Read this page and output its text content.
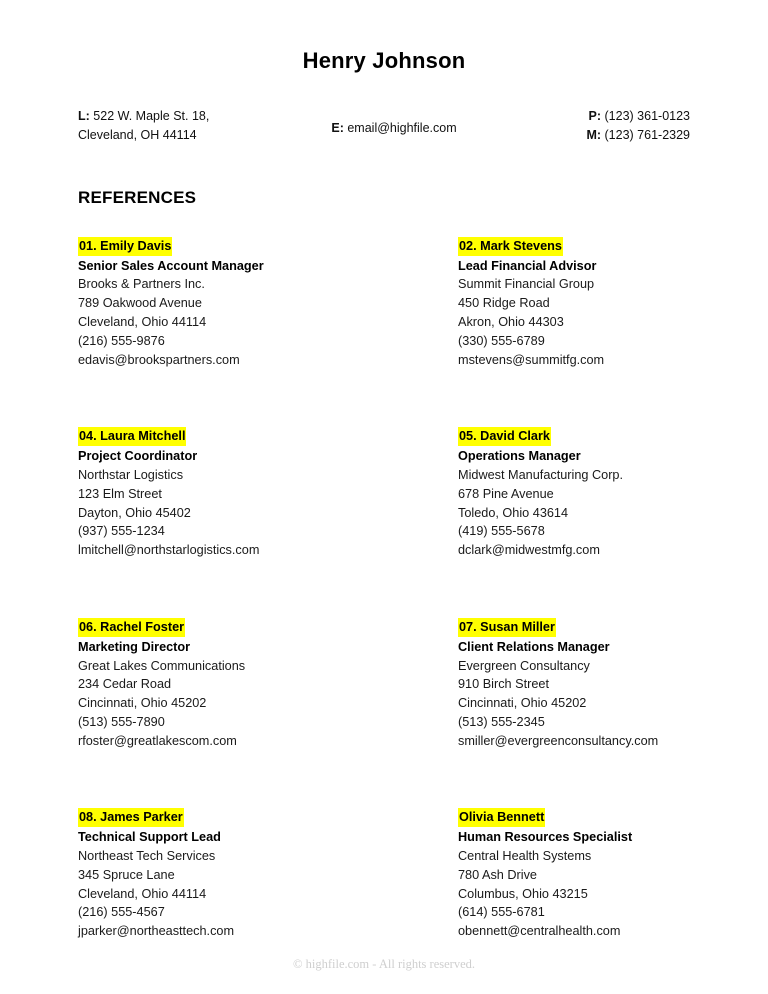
Henry Johnson
L: 522 W. Maple St. 18,
Cleveland, OH 44114
E: email@highfile.com
P: (123) 361-0123
M: (123) 761-2329
REFERENCES
01. Emily Davis
Senior Sales Account Manager
Brooks & Partners Inc.
789 Oakwood Avenue
Cleveland, Ohio 44114
(216) 555-9876
edavis@brookspartners.com
02. Mark Stevens
Lead Financial Advisor
Summit Financial Group
450 Ridge Road
Akron, Ohio 44303
(330) 555-6789
mstevens@summitfg.com
04. Laura Mitchell
Project Coordinator
Northstar Logistics
123 Elm Street
Dayton, Ohio 45402
(937) 555-1234
lmitchell@northstarlogistics.com
05. David Clark
Operations Manager
Midwest Manufacturing Corp.
678 Pine Avenue
Toledo, Ohio 43614
(419) 555-5678
dclark@midwestmfg.com
06. Rachel Foster
Marketing Director
Great Lakes Communications
234 Cedar Road
Cincinnati, Ohio 45202
(513) 555-7890
rfoster@greatlakescom.com
07. Susan Miller
Client Relations Manager
Evergreen Consultancy
910 Birch Street
Cincinnati, Ohio 45202
(513) 555-2345
smiller@evergreenconsultancy.com
08. James Parker
Technical Support Lead
Northeast Tech Services
345 Spruce Lane
Cleveland, Ohio 44114
(216) 555-4567
jparker@northeasttech.com
Olivia Bennett
Human Resources Specialist
Central Health Systems
780 Ash Drive
Columbus, Ohio 43215
(614) 555-6781
obennett@centralhealth.com
© highfile.com - All rights reserved.
